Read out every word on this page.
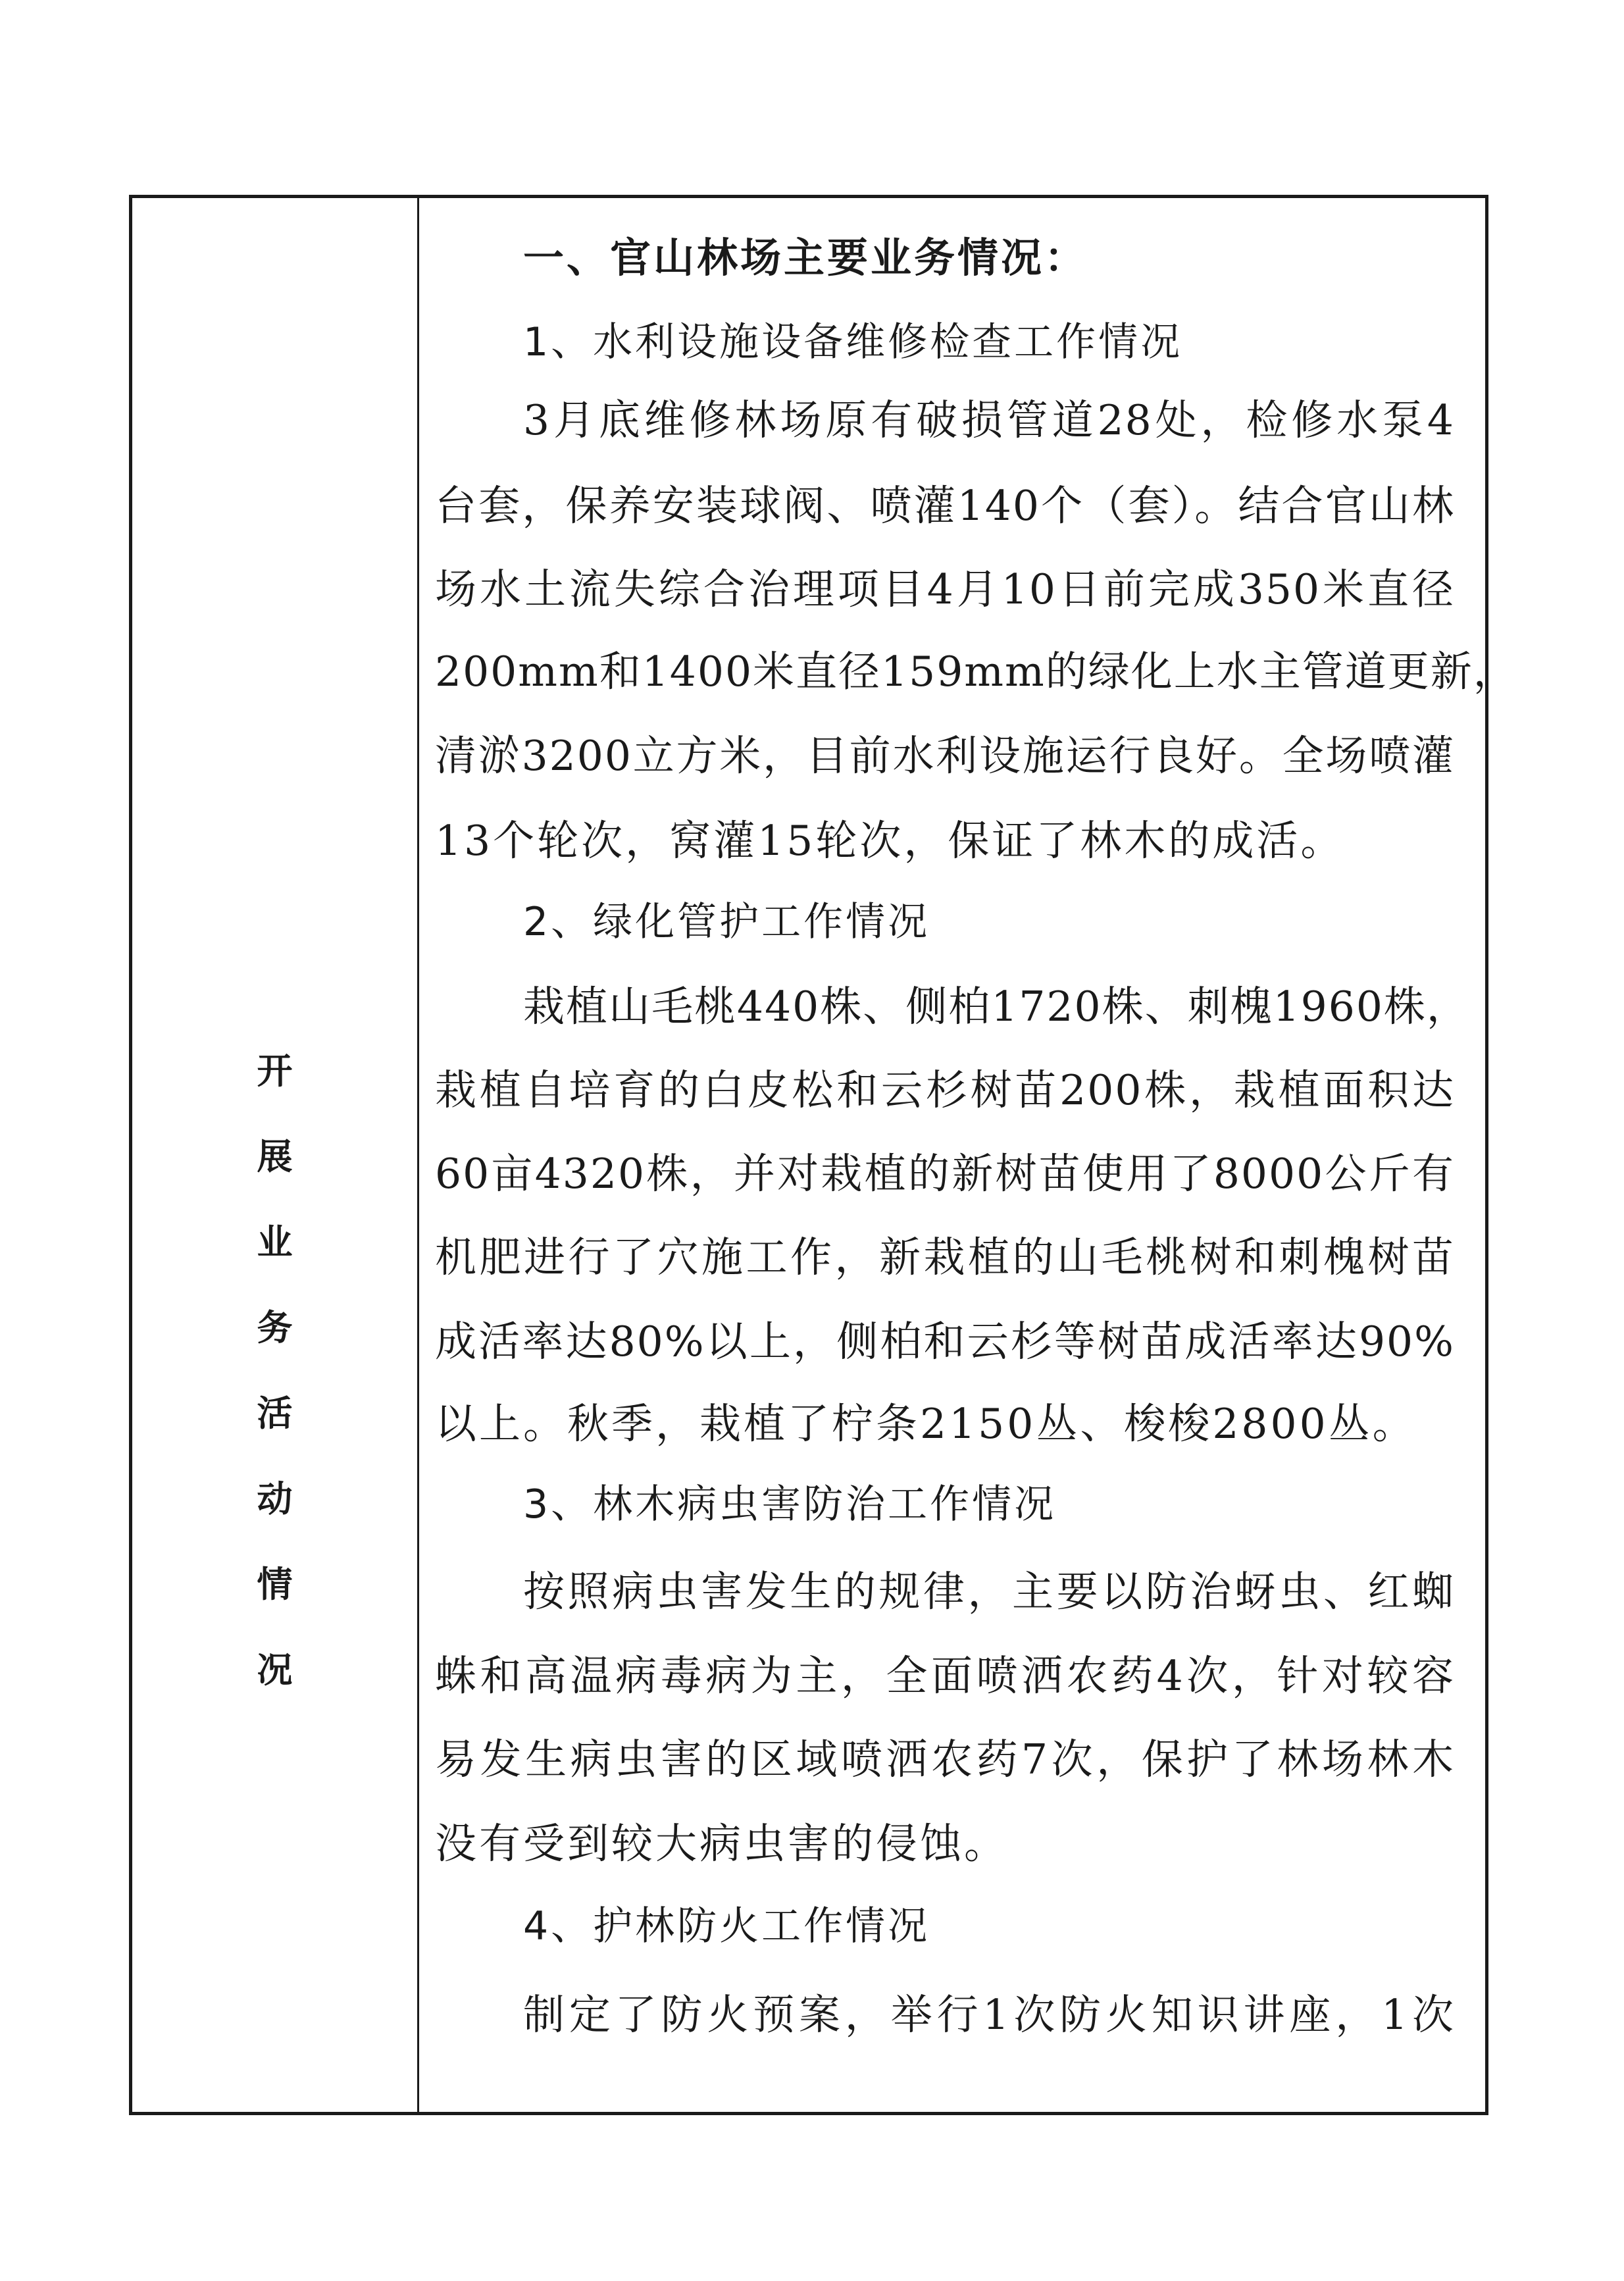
开
展
业
务
活
动
情
况
一、官山林场主要业务情况：
1、水利设施设备维修检查工作情况
3月底维修林场原有破损管道28处，检修水泵4
台套，保养安装球阀、喷灌140个（套）。结合官山林
场水土流失综合治理项目4月10日前完成350米直径
200mm和1400米直径159mm的绿化上水主管道更新，
清淤3200立方米，目前水利设施运行良好。全场喷灌
13个轮次，窝灌15轮次，保证了林木的成活。
2、绿化管护工作情况
栽植山毛桃440株、侧柏1720株、刺槐1960株，
栽植自培育的白皮松和云杉树苗200株，栽植面积达
60亩4320株，并对栽植的新树苗使用了8000公斤有
机肥进行了穴施工作，新栽植的山毛桃树和刺槐树苗
成活率达80%以上，侧柏和云杉等树苗成活率达90%
以上。秋季，栽植了柠条2150丛、梭梭2800丛。
3、林木病虫害防治工作情况
按照病虫害发生的规律，主要以防治蚜虫、红蜘
蛛和高温病毒病为主，全面喷洒农药4次，针对较容
易发生病虫害的区域喷洒农药7次，保护了林场林木
没有受到较大病虫害的侵蚀。
4、护林防火工作情况
制定了防火预案，举行1次防火知识讲座，1次
